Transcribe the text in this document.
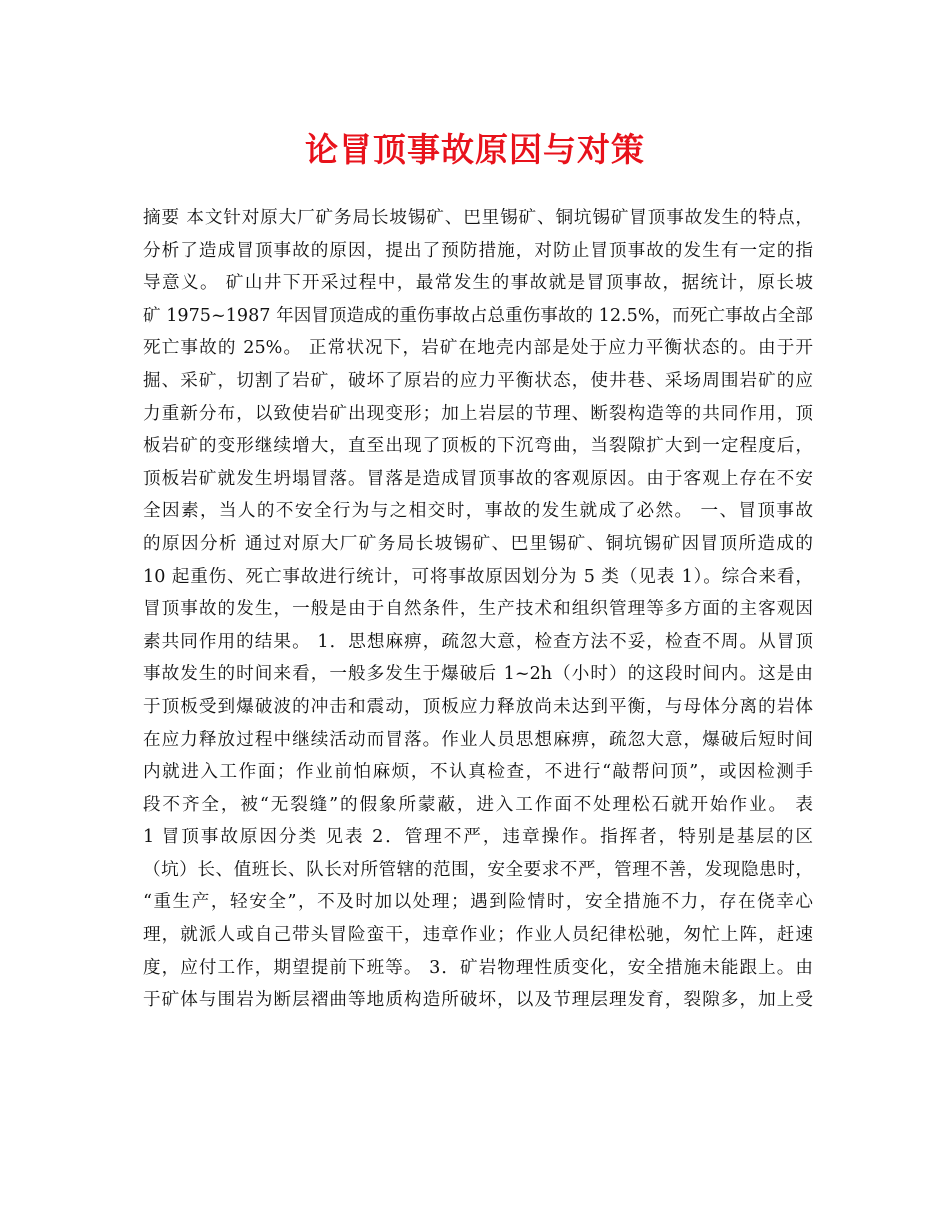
论冒顶事故原因与对策
摘要 本文针对原大厂矿务局长坡锡矿、巴里锡矿、铜坑锡矿冒顶事故发生的特点，
分析了造成冒顶事故的原因，提出了预防措施，对防止冒顶事故的发生有一定的指
导意义。 矿山井下开采过程中，最常发生的事故就是冒顶事故，据统计，原长坡
矿 1975~1987 年因冒顶造成的重伤事故占总重伤事故的 12.5%，而死亡事故占全部
死亡事故的 25%。 正常状况下，岩矿在地壳内部是处于应力平衡状态的。由于开
掘、采矿，切割了岩矿，破坏了原岩的应力平衡状态，使井巷、采场周围岩矿的应
力重新分布，以致使岩矿出现变形；加上岩层的节理、断裂构造等的共同作用，顶
板岩矿的变形继续增大，直至出现了顶板的下沉弯曲，当裂隙扩大到一定程度后，
顶板岩矿就发生坍塌冒落。冒落是造成冒顶事故的客观原因。由于客观上存在不安
全因素，当人的不安全行为与之相交时，事故的发生就成了必然。 一、冒顶事故
的原因分析 通过对原大厂矿务局长坡锡矿、巴里锡矿、铜坑锡矿因冒顶所造成的
10 起重伤、死亡事故进行统计，可将事故原因划分为 5 类（见表 1）。综合来看，
冒顶事故的发生，一般是由于自然条件，生产技术和组织管理等多方面的主客观因
素共同作用的结果。 1．思想麻痹，疏忽大意，检查方法不妥，检查不周。从冒顶
事故发生的时间来看，一般多发生于爆破后 1~2h（小时）的这段时间内。这是由
于顶板受到爆破波的冲击和震动，顶板应力释放尚未达到平衡，与母体分离的岩体
在应力释放过程中继续活动而冒落。作业人员思想麻痹，疏忽大意，爆破后短时间
内就进入工作面；作业前怕麻烦，不认真检查，不进行“敲帮问顶”，或因检测手
段不齐全，被“无裂缝”的假象所蒙蔽，进入工作面不处理松石就开始作业。 表
1 冒顶事故原因分类 见表 2．管理不严，违章操作。指挥者，特别是基层的区
（坑）长、值班长、队长对所管辖的范围，安全要求不严，管理不善，发现隐患时，
“重生产，轻安全”，不及时加以处理；遇到险情时，安全措施不力，存在侥幸心
理，就派人或自己带头冒险蛮干，违章作业；作业人员纪律松驰，匆忙上阵，赶速
度，应付工作，期望提前下班等。 3．矿岩物理性质变化，安全措施未能跟上。由
于矿体与围岩为断层褶曲等地质构造所破坏，以及节理层理发育，裂隙多，加上受
